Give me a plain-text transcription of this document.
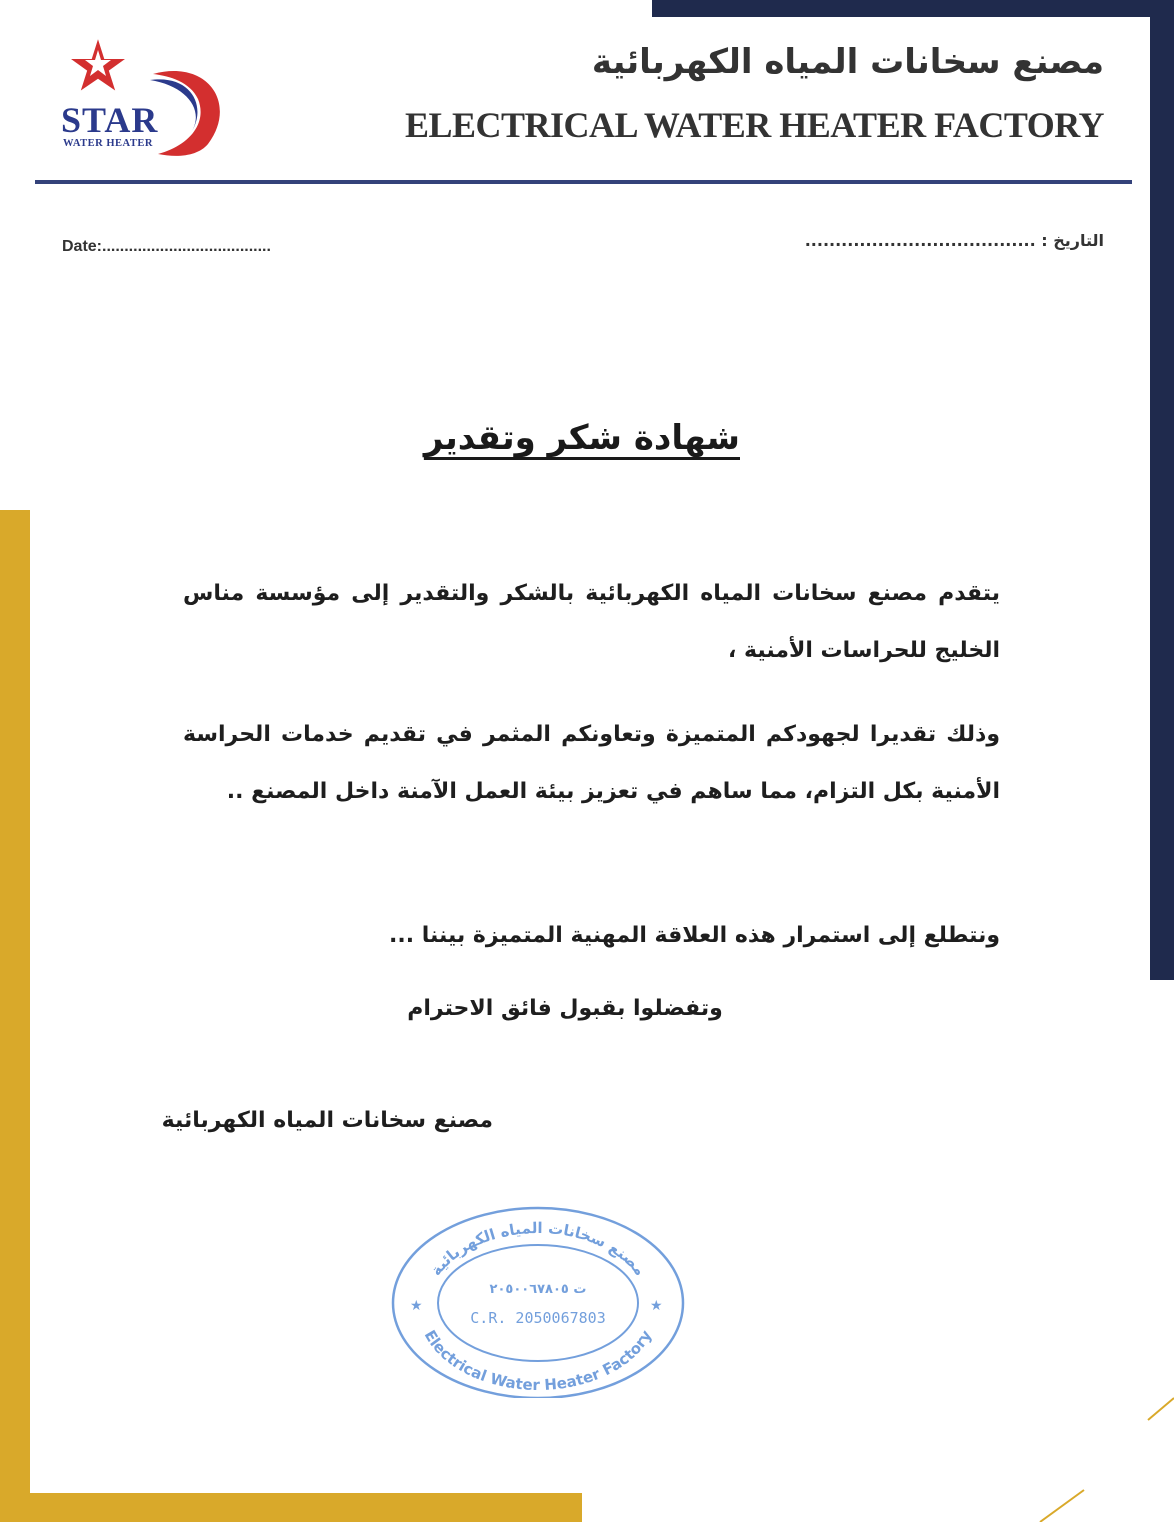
STAR
WATER HEATER
مصنع سخانات المياه الكهربائية
ELECTRICAL WATER HEATER FACTORY
Date:......................................	التاريخ : ......................................
شهادة شكر وتقدير

يتقدم مصنع سخانات المياه الكهربائية بالشكر والتقدير إلى مؤسسة مناس الخليج للحراسات الأمنية ،

وذلك تقديرا لجهودكم المتميزة وتعاونكم المثمر في تقديم خدمات الحراسة الأمنية بكل التزام، مما ساهم في تعزيز بيئة العمل الآمنة داخل المصنع ..

ونتطلع إلى استمرار هذه العلاقة المهنية المتميزة بيننا ...

وتفضلوا بقبول فائق الاحترام

مصنع سخانات المياه الكهربائية

مصنع سخانات المياه الكهربائية
Electrical Water Heater Factory
ت ٢٠٥٠٠٦٧٨٠٥
C.R. 2050067803
★	★
